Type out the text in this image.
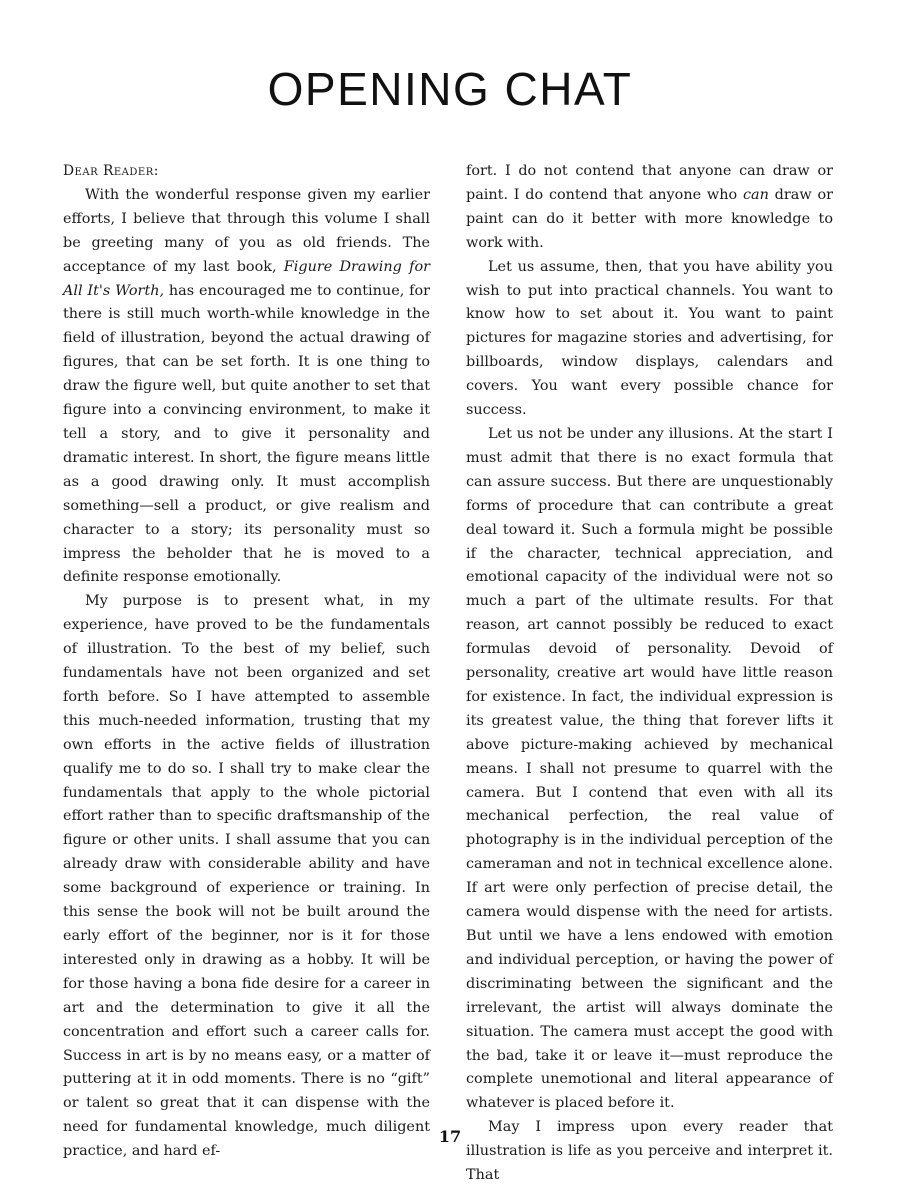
OPENING CHAT

Dear Reader:

With the wonderful response given my earlier efforts, I believe that through this volume I shall be greeting many of you as old friends. The acceptance of my last book, Figure Drawing for All It's Worth, has encouraged me to continue, for there is still much worth-while knowledge in the field of illustration, beyond the actual drawing of figures, that can be set forth. It is one thing to draw the figure well, but quite another to set that figure into a convincing environment, to make it tell a story, and to give it personality and dramatic interest. In short, the figure means little as a good drawing only. It must accomplish something—sell a product, or give realism and character to a story; its personality must so impress the beholder that he is moved to a definite response emotionally.

My purpose is to present what, in my experience, have proved to be the fundamentals of illustration. To the best of my belief, such fundamentals have not been organized and set forth before. So I have attempted to assemble this much-needed information, trusting that my own efforts in the active fields of illustration qualify me to do so. I shall try to make clear the fundamentals that apply to the whole pictorial effort rather than to specific draftsmanship of the figure or other units. I shall assume that you can already draw with considerable ability and have some background of experience or training. In this sense the book will not be built around the early effort of the beginner, nor is it for those interested only in drawing as a hobby. It will be for those having a bona fide desire for a career in art and the determination to give it all the concentration and effort such a career calls for. Success in art is by no means easy, or a matter of puttering at it in odd moments. There is no “gift” or talent so great that it can dispense with the need for fundamental knowledge, much diligent practice, and hard ef-

fort. I do not contend that anyone can draw or paint. I do contend that anyone who can draw or paint can do it better with more knowledge to work with.

Let us assume, then, that you have ability you wish to put into practical channels. You want to know how to set about it. You want to paint pictures for magazine stories and advertising, for billboards, window displays, calendars and covers. You want every possible chance for success.

Let us not be under any illusions. At the start I must admit that there is no exact formula that can assure success. But there are unquestionably forms of procedure that can contribute a great deal toward it. Such a formula might be possible if the character, technical appreciation, and emotional capacity of the individual were not so much a part of the ultimate results. For that reason, art cannot possibly be reduced to exact formulas devoid of personality. Devoid of personality, creative art would have little reason for existence. In fact, the individual expression is its greatest value, the thing that forever lifts it above picture-making achieved by mechanical means. I shall not presume to quarrel with the camera. But I contend that even with all its mechanical perfection, the real value of photography is in the individual perception of the cameraman and not in technical excellence alone. If art were only perfection of precise detail, the camera would dispense with the need for artists. But until we have a lens endowed with emotion and individual perception, or having the power of discriminating between the significant and the irrelevant, the artist will always dominate the situation. The camera must accept the good with the bad, take it or leave it—must reproduce the complete unemotional and literal appearance of whatever is placed before it.

May I impress upon every reader that illustration is life as you perceive and interpret it. That

17
